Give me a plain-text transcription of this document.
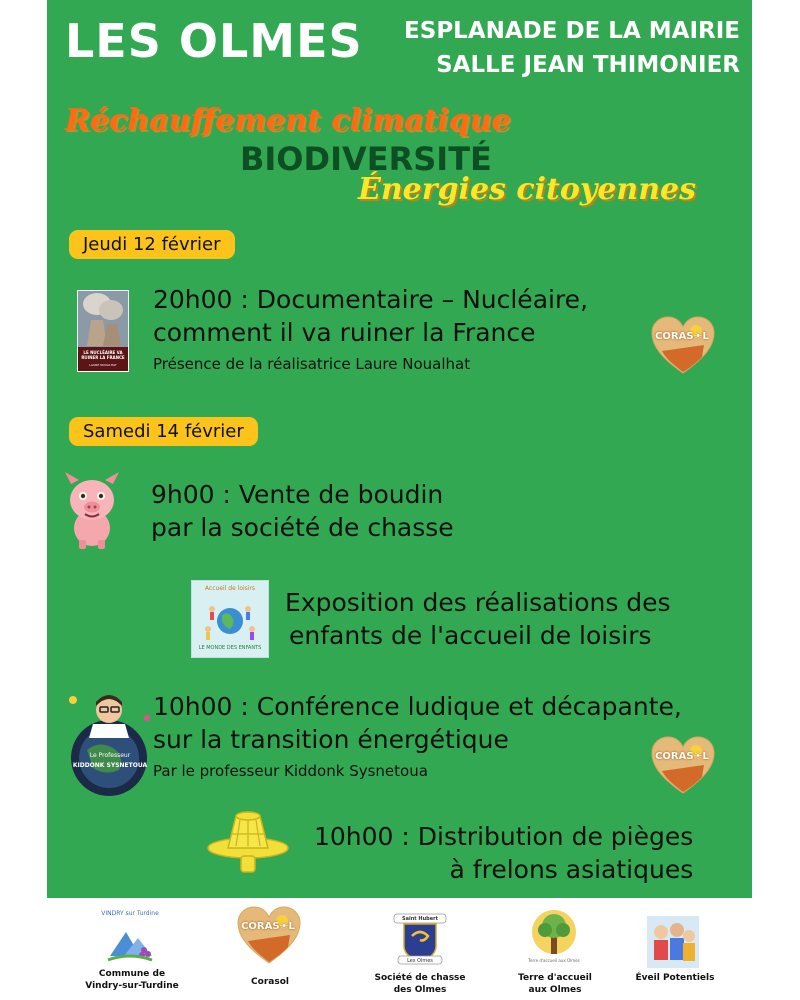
LES OLMES ESPLANADE DE LA MAIRIE
SALLE JEAN THIMONIER
Réchauffement climatique
BIODIVERSITÉ
Énergies citoyennes
Jeudi 12 février
LE NUCLÉAIRE VA RUINER LA FRANCE
LAURE NOUALHAT
20h00 : Documentaire – Nucléaire,
comment il va ruiner la France
Présence de la réalisatrice Laure Noualhat
CORAS☀L
Samedi 14 février
9h00 : Vente de boudin
par la société de chasse
Accueil de loisirs
LE MONDE DES ENFANTS
Exposition des réalisations des
enfants de l'accueil de loisirs
Le Professeur
KIDDONK SYSNETOUA
10h00 : Conférence ludique et décapante,
sur la transition énergétique
Par le professeur Kiddonk Sysnetoua
CORAS☀L
10h00 : Distribution de pièges
à frelons asiatiques
VINDRY sur Turdine
Commune de
Vindry-sur-Turdine
CORAS☀L
Corasol
Saint Hubert
Les Olmes
Société de chasse
des Olmes
Terre d'accueil aux Olmes
Terre d'accueil
aux Olmes
Éveil Potentiels
